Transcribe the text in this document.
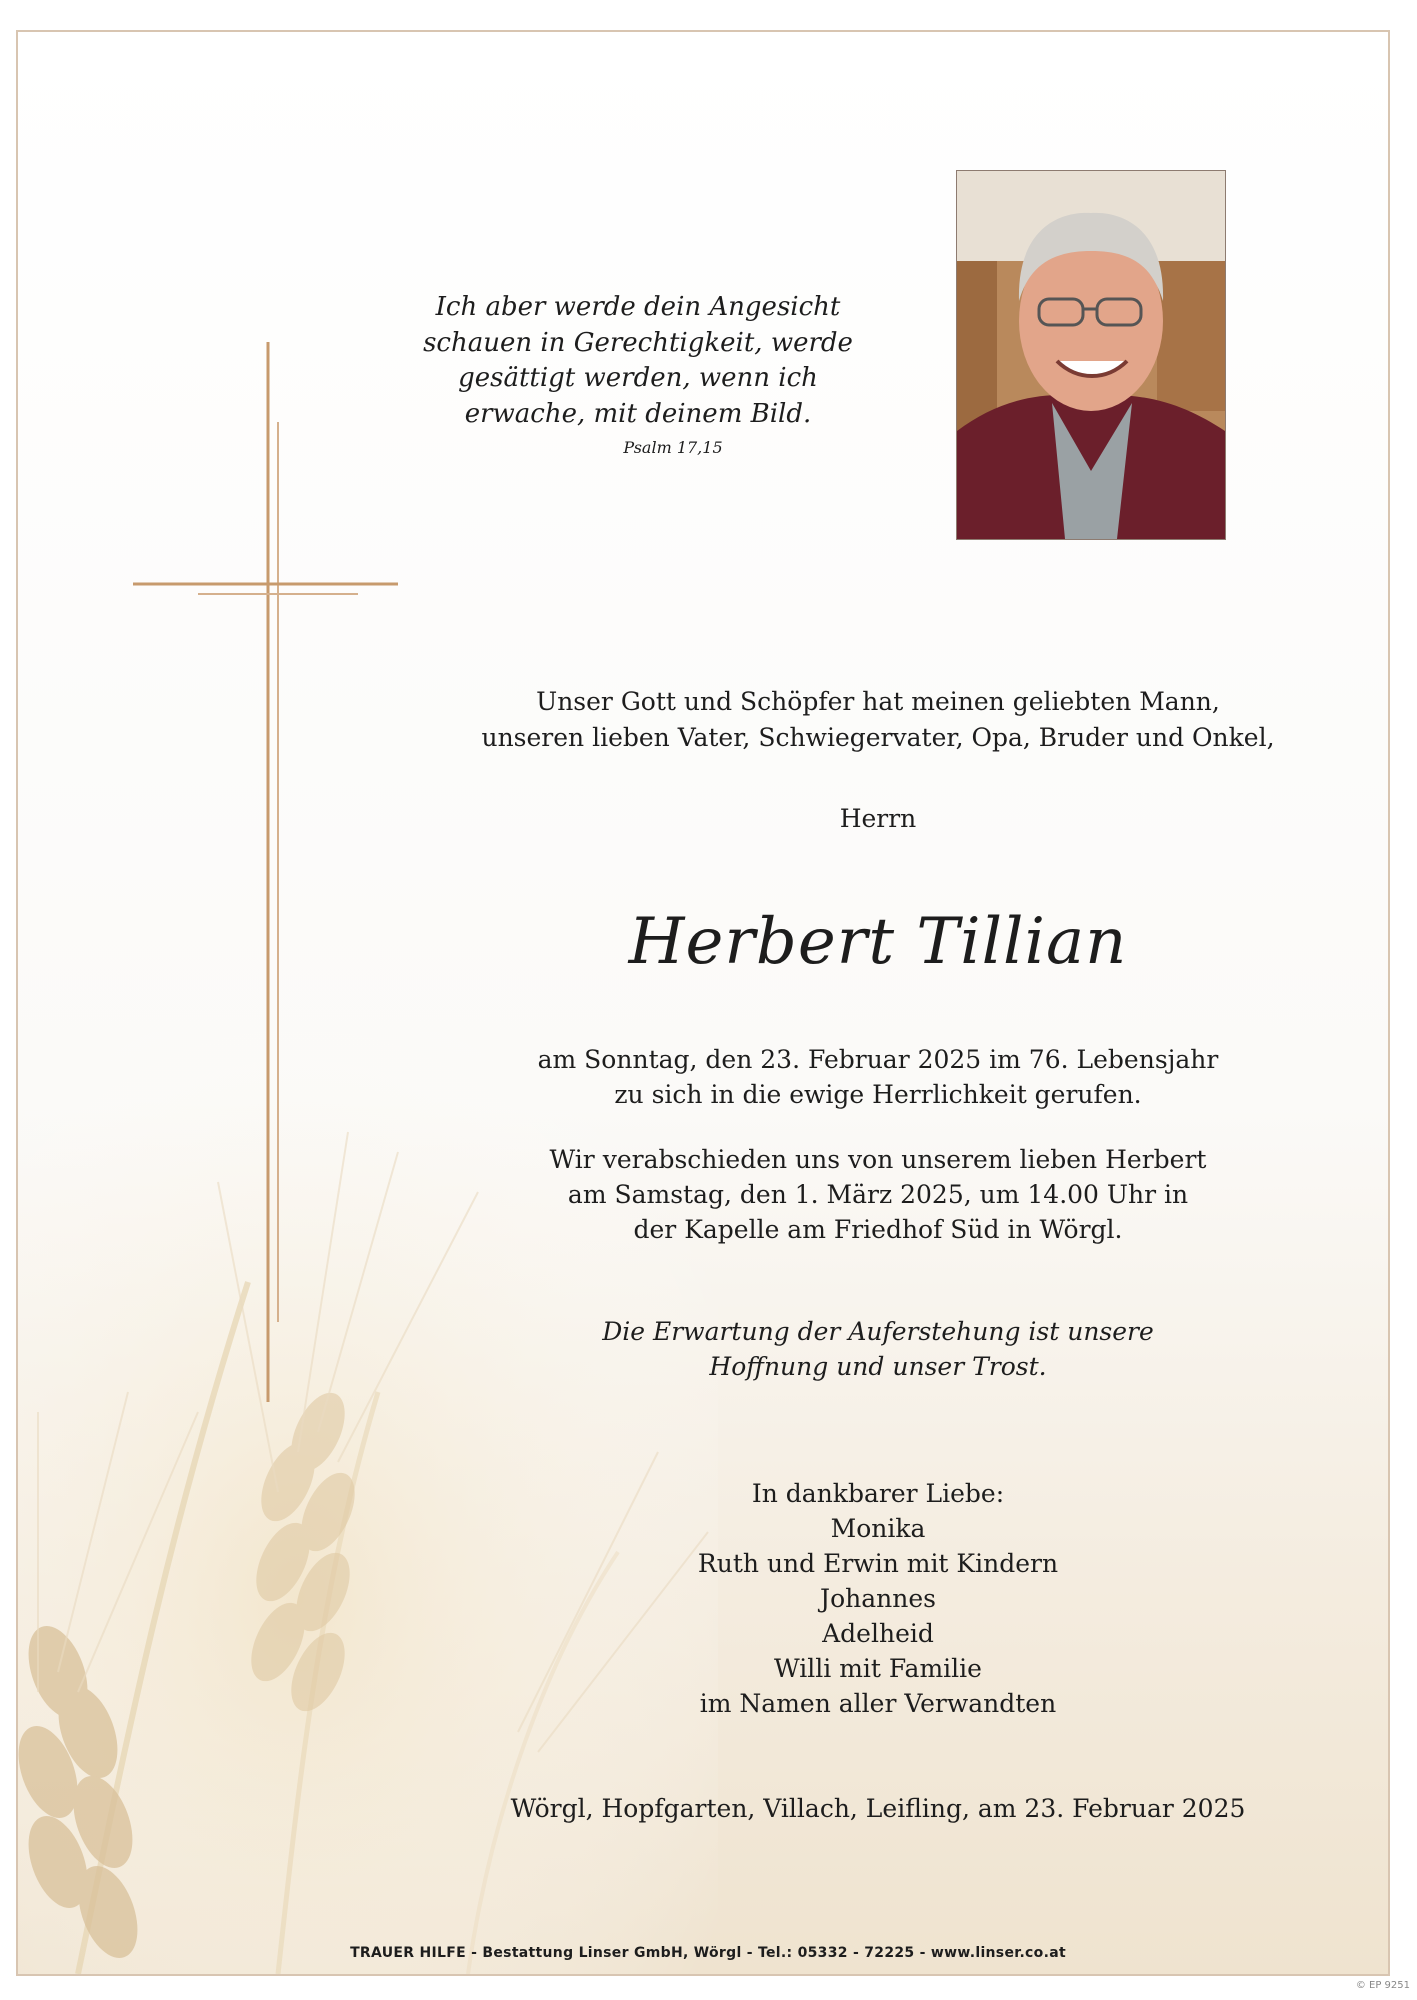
Ich aber werde dein Angesicht
schauen in Gerechtigkeit, werde
gesättigt werden, wenn ich
erwache, mit deinem Bild.
Psalm 17,15
Unser Gott und Schöpfer hat meinen geliebten Mann,
unseren lieben Vater, Schwiegervater, Opa, Bruder und Onkel,
Herrn
Herbert Tillian
am Sonntag, den 23. Februar 2025 im 76. Lebensjahr
zu sich in die ewige Herrlichkeit gerufen.
Wir verabschieden uns von unserem lieben Herbert
am Samstag, den 1. März 2025, um 14.00 Uhr in
der Kapelle am Friedhof Süd in Wörgl.
Die Erwartung der Auferstehung ist unsere
Hoffnung und unser Trost.
In dankbarer Liebe:
Monika
Ruth und Erwin mit Kindern
Johannes
Adelheid
Willi mit Familie
im Namen aller Verwandten
Wörgl, Hopfgarten, Villach, Leifling, am 23. Februar 2025
TRAUER HILFE - Bestattung Linser GmbH, Wörgl - Tel.: 05332 - 72225 - www.linser.co.at
© EP 9251
